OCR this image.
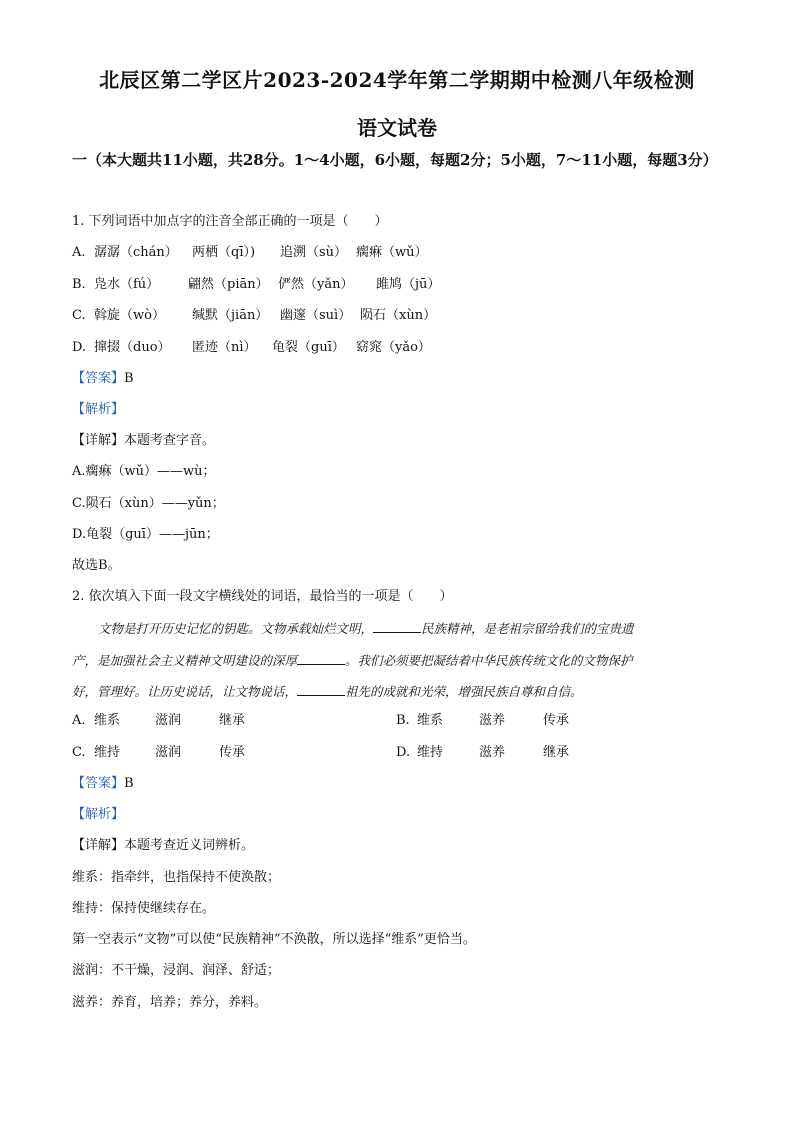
北辰区第二学区片2023-2024学年第二学期期中检测八年级检测
语文试卷
一（本大题共11小题，共28分。1～4小题，6小题，每题2分；5小题，7～11小题，每题3分）
1. 下列词语中加点字的注音全部正确的一项是（　　）
A. 潺潺（chán） 两栖（qī）) 追溯（sù） 瘸痳（wǔ）
B. 凫水（fú） 翩然（piān） 俨然（yǎn） 雎鸠（jū）
C. 斡旋（wò） 缄默（jiān） 幽邃（suì） 陨石（xùn）
D. 撺掇（duo） 匿迹（nì） 龟裂（guī） 窈窕（yǎo）
【答案】B
【解析】
【详解】本题考查字音。
A.瘸痳（wǔ）——wù；
C.陨石（xùn）——yǔn；
D.龟裂（guī）——jūn；
故选B。
2. 依次填入下面一段文字横线处的词语，最恰当的一项是（　　）
文物是打开历史记忆的钥匙。文物承载灿烂文明，	民族精神，是老祖宗留给我们的宝贵遗
产，是加强社会主义精神文明建设的深厚	。我们必须要把凝结着中华民族传统文化的文物保护
好，管理好。让历史说话，让文物说话，	祖先的成就和光荣，增强民族自尊和自信。
A. 维系	滋润	继承	B. 维系	滋养	传承
C. 维持	滋润	传承	D. 维持	滋养	继承
【答案】B
【解析】
【详解】本题考查近义词辨析。
维系：指牵绊，也指保持不使涣散；
维持：保持使继续存在。
第一空表示“文物”可以使“民族精神”不涣散，所以选择“维系”更恰当。
滋润：不干燥，浸润、润泽、舒适；
滋养：养育，培养；养分，养料。
